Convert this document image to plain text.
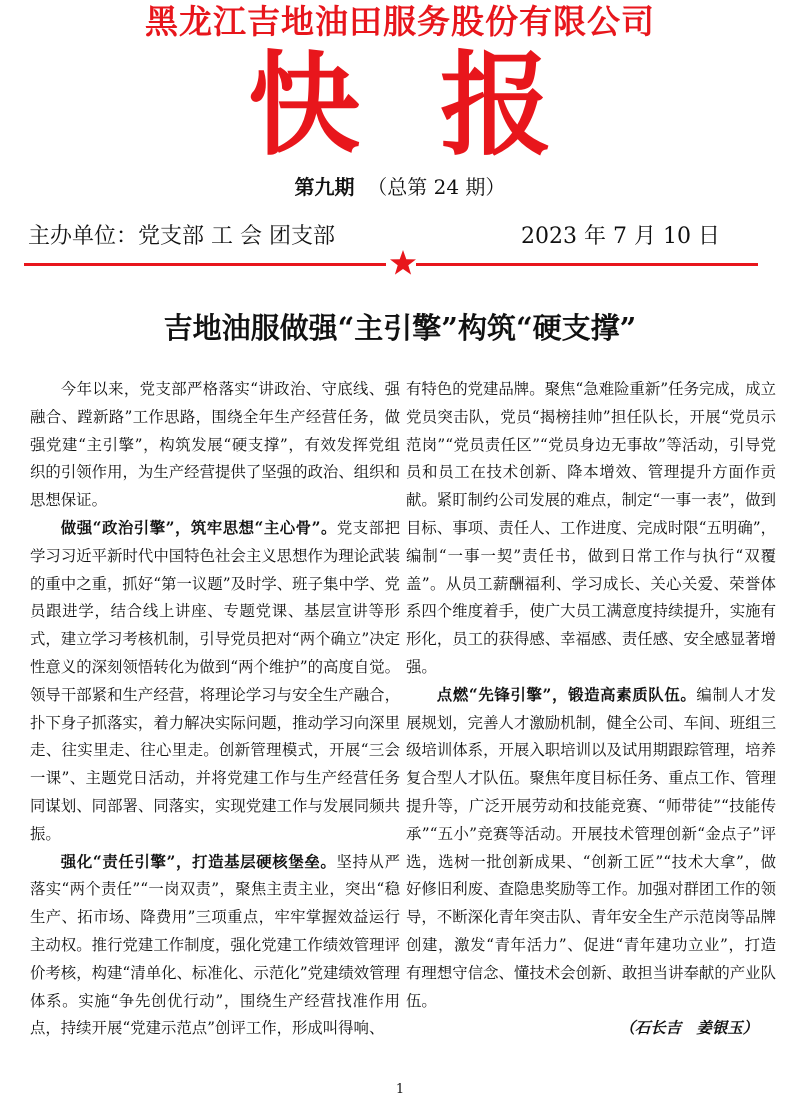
黑龙江吉地油田服务股份有限公司
快报
第九期 （总第 24 期）
主办单位：党支部 工 会 团支部	2023 年 7 月 10 日
吉地油服做强“主引擎”构筑“硬支撑”

今年以来，党支部严格落实“讲政治、守底线、强融合、蹚新路”工作思路，围绕全年生产经营任务，做强党建“主引擎”，构筑发展“硬支撑”，有效发挥党组织的引领作用，为生产经营提供了坚强的政治、组织和思想保证。

做强“政治引擎”，筑牢思想“主心骨”。党支部把学习习近平新时代中国特色社会主义思想作为理论武装的重中之重，抓好“第一议题”及时学、班子集中学、党员跟进学，结合线上讲座、专题党课、基层宣讲等形式，建立学习考核机制，引导党员把对“两个确立”决定性意义的深刻领悟转化为做到“两个维护”的高度自觉。领导干部紧和生产经营，将理论学习与安全生产融合，扑下身子抓落实，着力解决实际问题，推动学习向深里走、往实里走、往心里走。创新管理模式，开展“三会一课”、主题党日活动，并将党建工作与生产经营任务同谋划、同部署、同落实，实现党建工作与发展同频共振。

强化“责任引擎”，打造基层硬核堡垒。坚持从严落实“两个责任”“一岗双责”，聚焦主责主业，突出“稳生产、拓市场、降费用”三项重点，牢牢掌握效益运行主动权。推行党建工作制度，强化党建工作绩效管理评价考核，构建“清单化、标准化、示范化”党建绩效管理体系。实施“争先创优行动”，围绕生产经营找准作用点，持续开展“党建示范点”创评工作，形成叫得响、

有特色的党建品牌。聚焦“急难险重新”任务完成，成立党员突击队，党员“揭榜挂帅”担任队长，开展“党员示范岗”“党员责任区”“党员身边无事故”等活动，引导党员和员工在技术创新、降本增效、管理提升方面作贡献。紧盯制约公司发展的难点，制定“一事一表”，做到目标、事项、责任人、工作进度、完成时限“五明确”，编制“一事一契”责任书，做到日常工作与执行“双覆盖”。从员工薪酬福利、学习成长、关心关爱、荣誉体系四个维度着手，使广大员工满意度持续提升，实施有形化，员工的获得感、幸福感、责任感、安全感显著增强。

点燃“先锋引擎”，锻造高素质队伍。编制人才发展规划，完善人才激励机制，健全公司、车间、班组三级培训体系，开展入职培训以及试用期跟踪管理，培养复合型人才队伍。聚焦年度目标任务、重点工作、管理提升等，广泛开展劳动和技能竞赛、“师带徒”“技能传承”“五小”竞赛等活动。开展技术管理创新“金点子”评选，选树一批创新成果、“创新工匠”“技术大拿”，做好修旧利废、查隐患奖励等工作。加强对群团工作的领导，不断深化青年突击队、青年安全生产示范岗等品牌创建，激发“青年活力”、促进“青年建功立业”，打造有理想守信念、懂技术会创新、敢担当讲奉献的产业队伍。

（石长吉　姜银玉）

1
